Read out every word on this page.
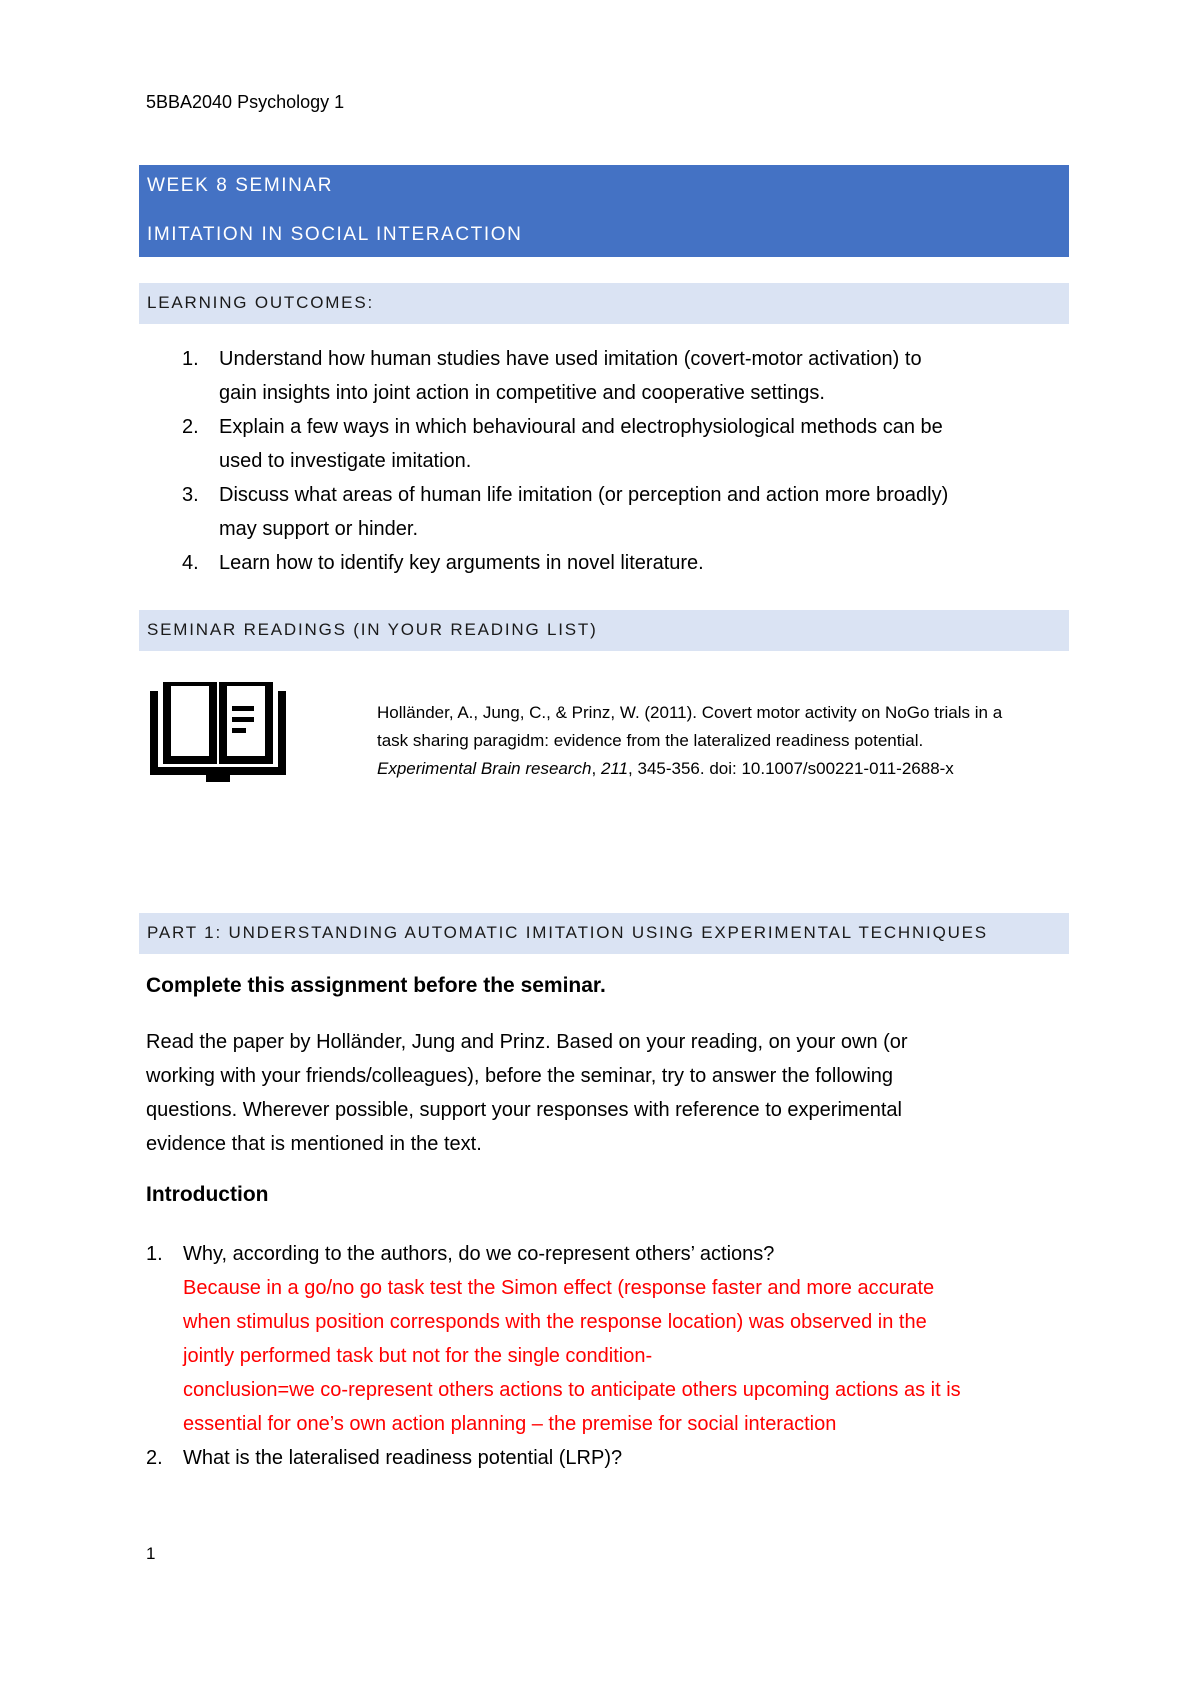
5BBA2040 Psychology 1
WEEK 8 SEMINAR
IMITATION IN SOCIAL INTERACTION
LEARNING OUTCOMES:
1. Understand how human studies have used imitation (covert-motor activation) to
gain insights into joint action in competitive and cooperative settings.
2. Explain a few ways in which behavioural and electrophysiological methods can be
used to investigate imitation.
3. Discuss what areas of human life imitation (or perception and action more broadly)
may support or hinder.
4. Learn how to identify key arguments in novel literature.
SEMINAR READINGS (IN YOUR READING LIST)
Holländer, A., Jung, C., & Prinz, W. (2011). Covert motor activity on NoGo trials in a
task sharing paragidm: evidence from the lateralized readiness potential.
Experimental Brain research, 211, 345-356. doi: 10.1007/s00221-011-2688-x
PART 1: UNDERSTANDING AUTOMATIC IMITATION USING EXPERIMENTAL TECHNIQUES
Complete this assignment before the seminar.
Read the paper by Holländer, Jung and Prinz. Based on your reading, on your own (or
working with your friends/colleagues), before the seminar, try to answer the following
questions. Wherever possible, support your responses with reference to experimental
evidence that is mentioned in the text.
Introduction
1. Why, according to the authors, do we co-represent others’ actions?
Because in a go/no go task test the Simon effect (response faster and more accurate
when stimulus position corresponds with the response location) was observed in the
jointly performed task but not for the single condition-
conclusion=we co-represent others actions to anticipate others upcoming actions as it is
essential for one’s own action planning – the premise for social interaction
2. What is the lateralised readiness potential (LRP)?
1
